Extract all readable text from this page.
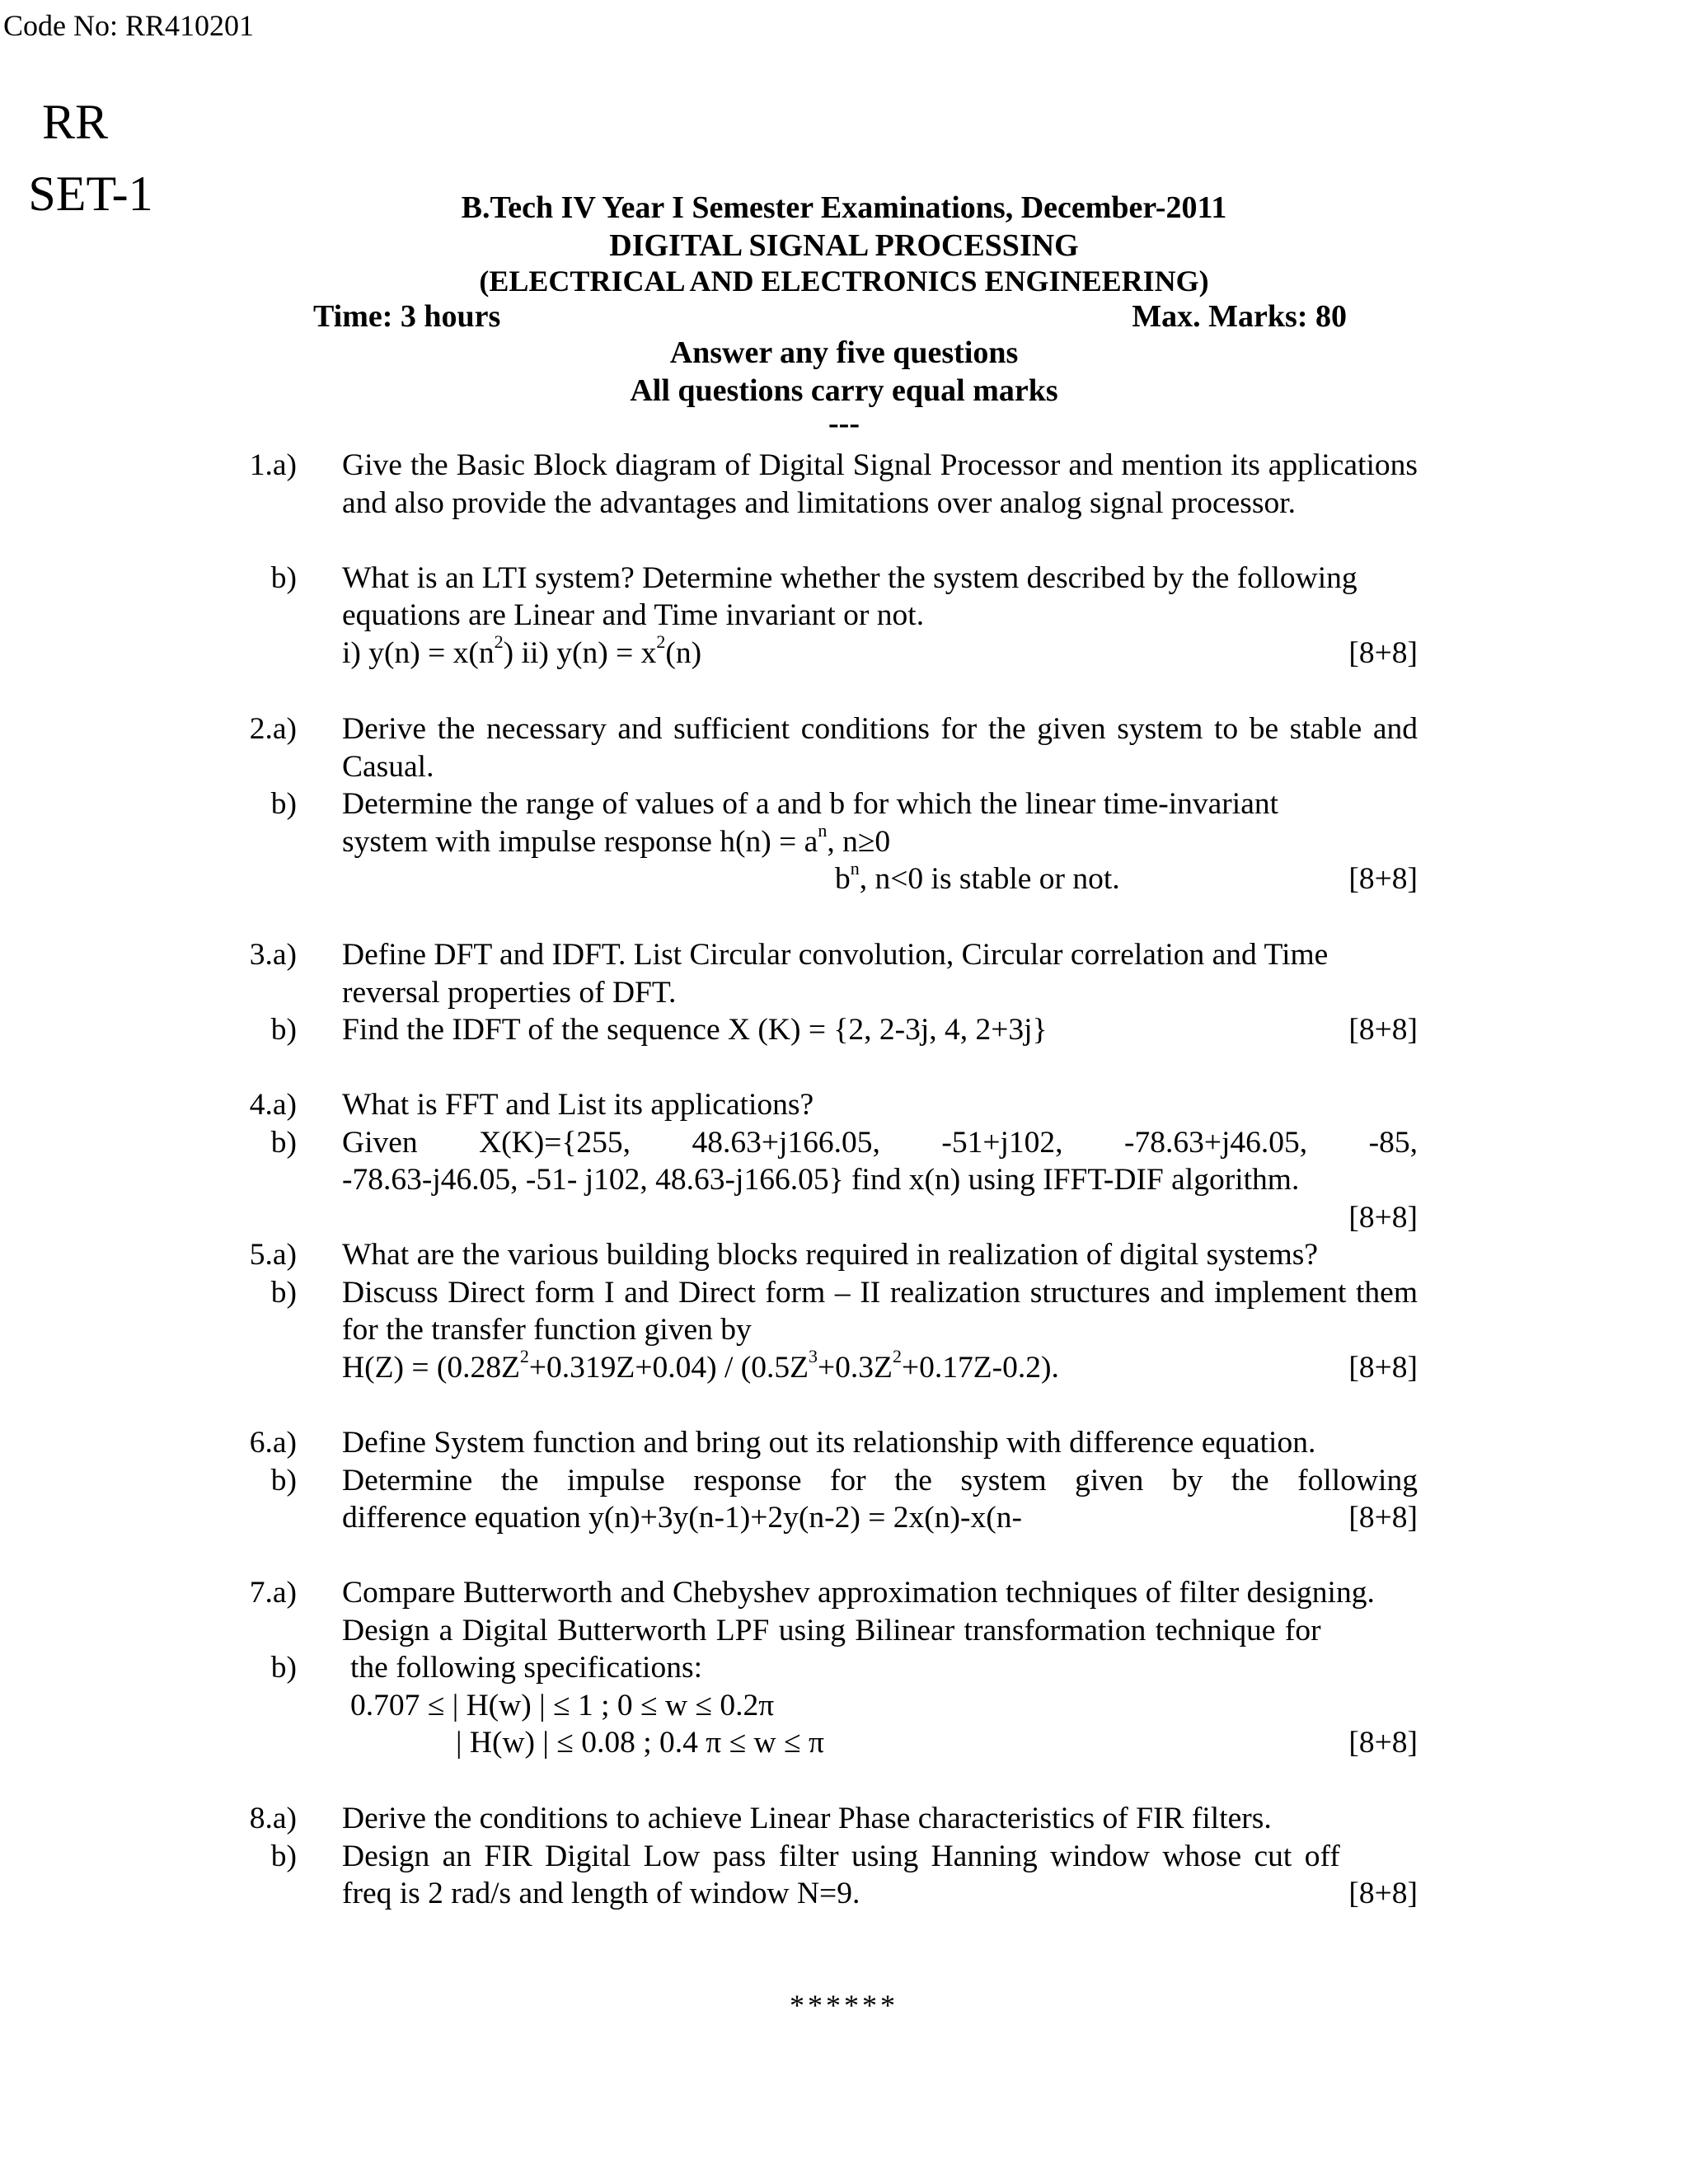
Code No: RR410201
RR
SET-1	B.Tech IV Year I Semester Examinations, December-2011
DIGITAL SIGNAL PROCESSING
(ELECTRICAL AND ELECTRONICS ENGINEERING)
Time: 3 hours	Max. Marks: 80
Answer any five questions
All questions carry equal marks
---
1.a) Give the Basic Block diagram of Digital Signal Processor and mention its applications and also provide the advantages and limitations over analog signal processor.
b) What is an LTI system? Determine whether the system described by the following
equations are Linear and Time invariant or not.
i) $y(n) = x(n^2)$ ii) $y(n) = x^2(n)$	[8+8]
2.a) Derive the necessary and sufficient conditions for the given system to be stable and Casual.
b) Determine the range of values of a and b for which the linear time-invariant
system with impulse response $h(n) = a^n$, n≥0
$b^n$, n<0 is stable or not.	[8+8]
3.a) Define DFT and IDFT. List Circular convolution, Circular correlation and Time
reversal properties of DFT.
Find the IDFT of the sequence X (K) = {2, 2-3j, 4, 2+3j}	[8+8]
b)
4.a) What is FFT and List its applications?
Given X(K)={255, 48.63+j166.05, -51+j102, -78.63+j46.05, -85,
-78.63-j46.05, -51- j102, 48.63-j166.05} find x(n) using IFFT-DIF algorithm.
[8+8]
b)
5.a) What are the various building blocks required in realization of digital systems?
Discuss Direct form I and Direct form – II realization structures and implement them for the transfer function given by
$H(Z) = (0.28Z^2+0.319Z+0.04) / (0.5Z^3+0.3Z^2+0.17Z-0.2)$.	[8+8]
b)
6.a) Define System function and bring out its relationship with difference equation.
Determine the impulse response for the system given by the following
difference equation y(n)+3y(n-1)+2y(n-2) = 2x(n)-x(n-	[8+8]
b)
7.a) Compare Butterworth and Chebyshev approximation techniques of filter designing.
Design a Digital Butterworth LPF using Bilinear transformation technique for
the following specifications:
0.707 ≤ | H(w) | ≤ 1 ; 0 ≤ w ≤ 0.2π
| H(w) | ≤ 0.08 ; 0.4 π ≤ w ≤ π	[8+8]
b)
8.a) Derive the conditions to achieve Linear Phase characteristics of FIR filters.
Design an FIR Digital Low pass filter using Hanning window whose cut off
freq is 2 rad/s and length of window N=9.	[8+8]
b)
******
